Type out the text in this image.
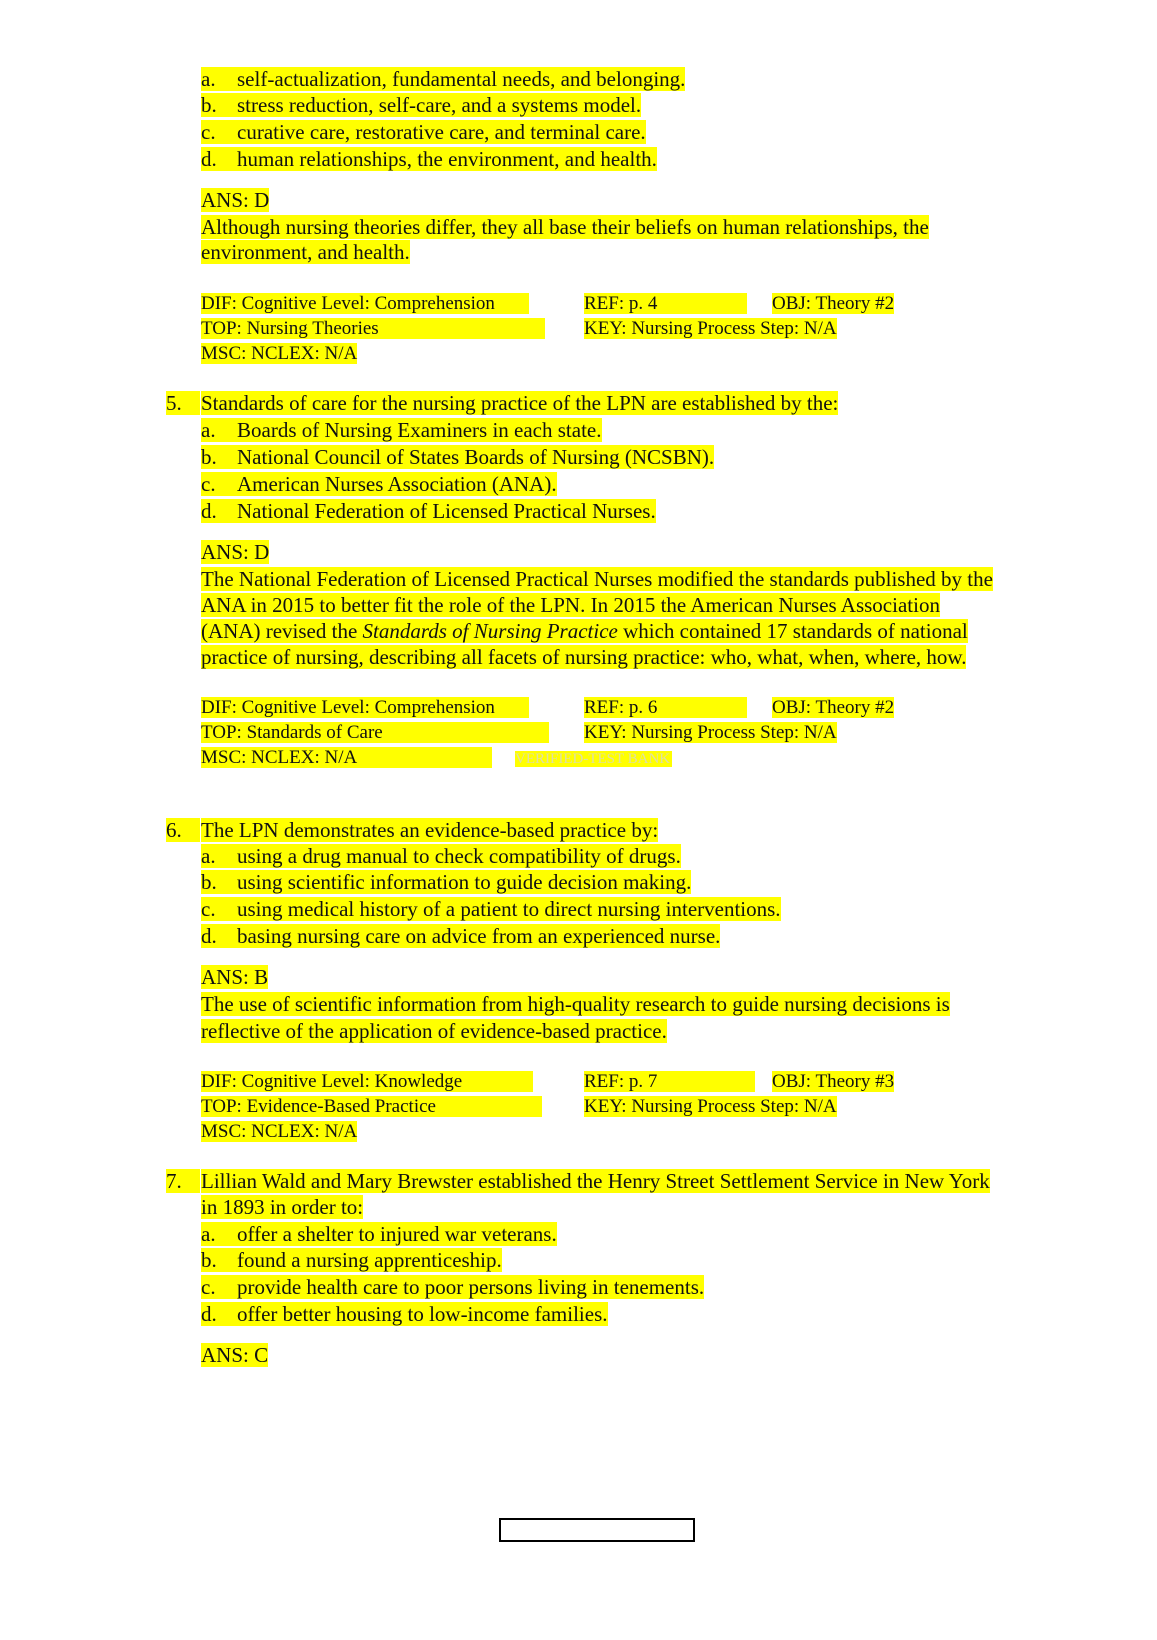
a. self-actualization, fundamental needs, and belonging.
b. stress reduction, self-care, and a systems model.
c. curative care, restorative care, and terminal care.
d. human relationships, the environment, and health.
ANS: D
Although nursing theories differ, they all base their beliefs on human relationships, the
environment, and health.
DIF: Cognitive Level: Comprehension	REF: p. 4	OBJ: Theory #2
TOP: Nursing Theories	KEY: Nursing Process Step: N/A
MSC: NCLEX: N/A
5. Standards of care for the nursing practice of the LPN are established by the:
a. Boards of Nursing Examiners in each state.
b. National Council of States Boards of Nursing (NCSBN).
c. American Nurses Association (ANA).
d. National Federation of Licensed Practical Nurses.
ANS: D
The National Federation of Licensed Practical Nurses modified the standards published by the
ANA in 2015 to better fit the role of the LPN. In 2015 the American Nurses Association
(ANA) revised the Standards of Nursing Practice which contained 17 standards of national
practice of nursing, describing all facets of nursing practice: who, what, when, where, how.
DIF: Cognitive Level: Comprehension	REF: p. 6	OBJ: Theory #2
TOP: Standards of Care	KEY: Nursing Process Step: N/A
MSC: NCLEX: N/A	VERIFIED-TEST BANK
6. The LPN demonstrates an evidence-based practice by:
a. using a drug manual to check compatibility of drugs.
b. using scientific information to guide decision making.
c. using medical history of a patient to direct nursing interventions.
d. basing nursing care on advice from an experienced nurse.
ANS: B
The use of scientific information from high-quality research to guide nursing decisions is
reflective of the application of evidence-based practice.
DIF: Cognitive Level: Knowledge	REF: p. 7	OBJ: Theory #3
TOP: Evidence-Based Practice	KEY: Nursing Process Step: N/A
MSC: NCLEX: N/A
7. Lillian Wald and Mary Brewster established the Henry Street Settlement Service in New York
in 1893 in order to:
a. offer a shelter to injured war veterans.
b. found a nursing apprenticeship.
c. provide health care to poor persons living in tenements.
d. offer better housing to low-income families.
ANS: C
